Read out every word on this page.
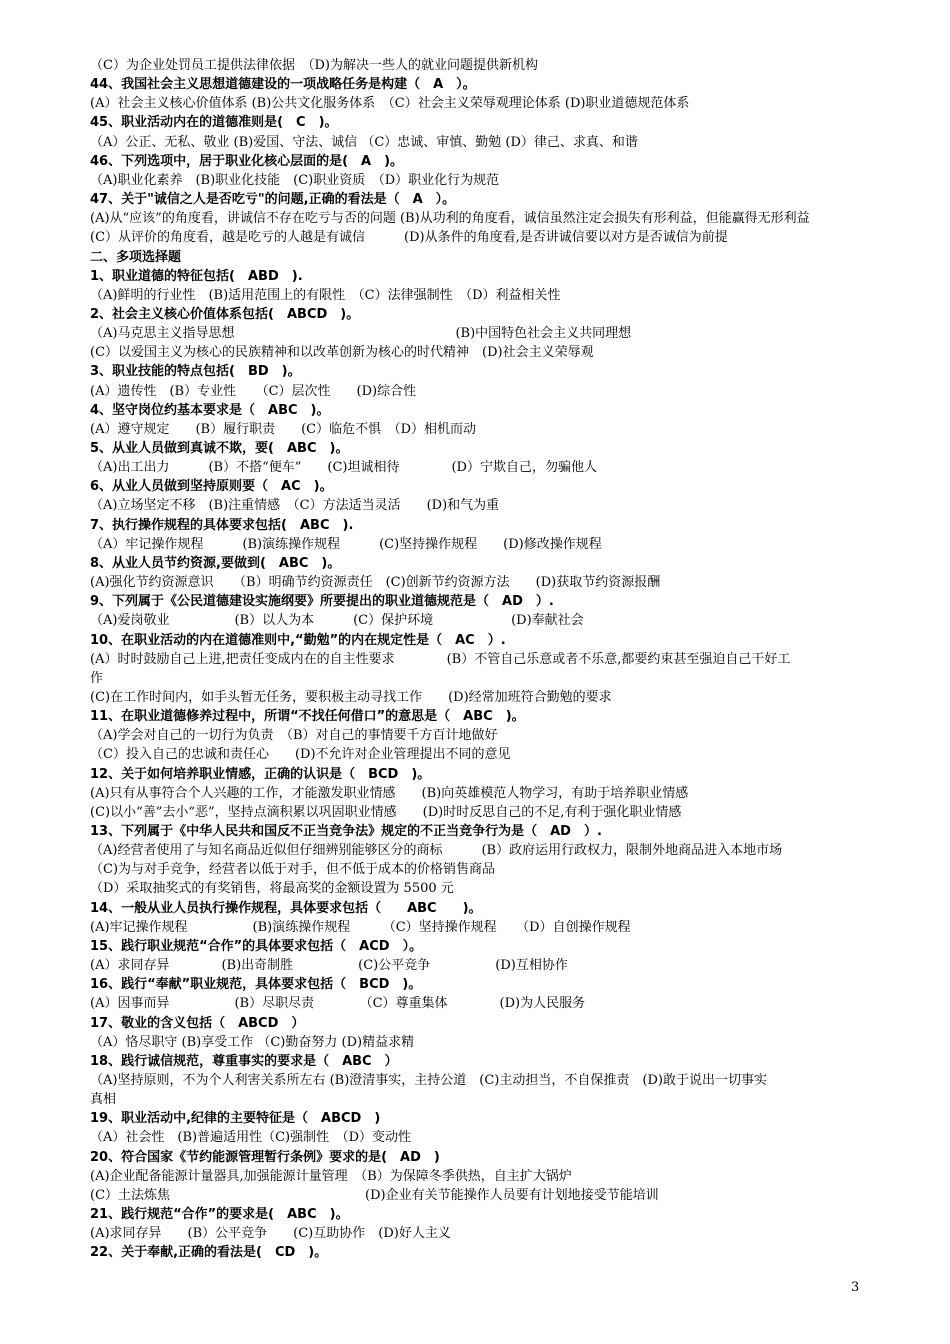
（C）为企业处罚员工提供法律依据　（D)为解决一些人的就业问题提供新机构
44、我国社会主义思想道德建设的一项战略任务是构建（　A　）。
(A）社会主义核心价值体系 (B)公共文化服务体系　（C）社会主义荣辱观理论体系 (D)职业道德规范体系
45、职业活动内在的道德准则是(　C　)。
（A）公正、无私、敬业 (B)爱国、守法、诚信 （C）忠诚、审慎、勤勉 (D）律己、求真、和谐
46、下列选项中，居于职业化核心层面的是(　A　)。
（A)职业化素养　(B)职业化技能　(C)职业资质　（D）职业化行为规范
47、关于"诚信之人是否吃亏"的问题,正确的看法是（　A　）。
(A)从“应该”的角度看，讲诚信不存在吃亏与否的问题 (B)从功利的角度看，诚信虽然注定会损失有形利益，但能赢得无形利益
(C）从评价的角度看，越是吃亏的人越是有诚信　　　(D)从条件的角度看,是否讲诚信要以对方是否诚信为前提
二、多项选择题
1、职业道德的特征包括(　ABD　).
（A)鲜明的行业性　(B)适用范围上的有限性　（C）法律强制性　（D）利益相关性
2、社会主义核心价值体系包括(　ABCD　)。
（A)马克思主义指导思想　　　　　　　　　　　　　　　　　(B)中国特色社会主义共同理想
(C）以爱国主义为核心的民族精神和以改革创新为核心的时代精神　(D)社会主义荣辱观
3、职业技能的特点包括(　BD　)。
(A）遗传性　(B）专业性　　（C）层次性　　(D)综合性
4、坚守岗位约基本要求是（　ABC　)。
(A）遵守规定　　(B）履行职责　　(C）临危不惧　（D）相机而动
5、从业人员做到真诚不欺，要(　ABC　)。
（A)出工出力　　　(B）不搭“便车”　　(C)坦诚相待　　　　(D）宁欺自己，勿骗他人
6、从业人员做到坚持原则要（　AC　)。
（A)立场坚定不移　(B)注重情感　（C）方法适当灵活　　(D)和气为重
7、执行操作规程的具体要求包括(　ABC　).
（A）牢记操作规程　　　(B)演练操作规程　　　(C)坚持操作规程　　(D)修改操作规程
8、从业人员节约资源,要做到(　ABC　)。
(A)强化节约资源意识　　（B）明确节约资源责任　(C)创新节约资源方法　　(D)获取节约资源报酬
9、下列属于《公民道德建设实施纲要》所要提出的职业道德规范是（　AD　）.
（A)爱岗敬业　　　　　(B）以人为本　　　(C）保护环境　　　　　　(D)奉献社会
10、在职业活动的内在道德准则中,“勤勉”的内在规定性是（　AC　）.
(A）时时鼓励自己上进,把责任变成内在的自主性要求　　　　(B）不管自己乐意或者不乐意,都要约束甚至强迫自己干好工
作
(C)在工作时间内，如手头暂无任务，要积极主动寻找工作　　(D)经常加班符合勤勉的要求
11、在职业道德修养过程中，所谓“不找任何借口”的意思是（　ABC　)。
（A)学会对自己的一切行为负责　（B）对自己的事情要千方百计地做好
（C）投入自己的忠诚和责任心　　(D)不允许对企业管理提出不同的意见
12、关于如何培养职业情感，正确的认识是（　BCD　)。
(A)只有从事符合个人兴趣的工作，才能激发职业情感　　(B)向英雄模范人物学习，有助于培养职业情感
(C)以小“善”去小“恶”，坚持点滴积累以巩固职业情感　　(D)时时反思自己的不足,有利于强化职业情感
13、下列属于《中华人民共和国反不正当竞争法》规定的不正当竞争行为是（　AD　）.
（A)经营者使用了与知名商品近似但仔细辨别能够区分的商标　　　(B）政府运用行政权力，限制外地商品进入本地市场
（C)为与对手竞争，经营者以低于对手，但不低于成本的价格销售商品
（D）采取抽奖式的有奖销售，将最高奖的金额设置为 5500 元
14、一般从业人员执行操作规程，具体要求包括（　　ABC　　)。
(A)牢记操作规程　　　　　(B)演练操作规程　　　（C）坚持操作规程　　（D）自创操作规程
15、践行职业规范“合作”的具体要求包括（　ACD　）。
(A）求同存异　　　　(B)出奇制胜　　　　　(C)公平竞争　　　　　(D)互相协作
16、践行“奉献”职业规范，具体要求包括（　BCD　)。
(A）因事而异　　　　　(B）尽职尽责　　　　（C）尊重集体　　　　(D)为人民服务
17、敬业的含义包括（　ABCD　）
（A）恪尽职守 (B)享受工作 （C)勤奋努力 (D)精益求精
18、践行诚信规范，尊重事实的要求是（　ABC　）
（A)坚持原则，不为个人利害关系所左右 (B)澄清事实，主持公道　(C)主动担当，不自保推责　(D)敢于说出一切事实
真相
19、职业活动中,纪律的主要特征是（　ABCD　)
（A）社会性　(B)普遍适用性（C)强制性　（D）变动性
20、符合国家《节约能源管理暂行条例》要求的是(　AD　)
(A)企业配备能源计量器具,加强能源计量管理　（B）为保障冬季供热，自主扩大锅炉
(C）土法炼焦　　　　　　　　　　　　　　　(D)企业有关节能操作人员要有计划地接受节能培训
21、践行规范“合作”的要求是(　ABC　)。
(A)求同存异　　(B）公平竞争　　(C)互助协作　(D)好人主义
22、关于奉献,正确的看法是(　CD　)。
3
